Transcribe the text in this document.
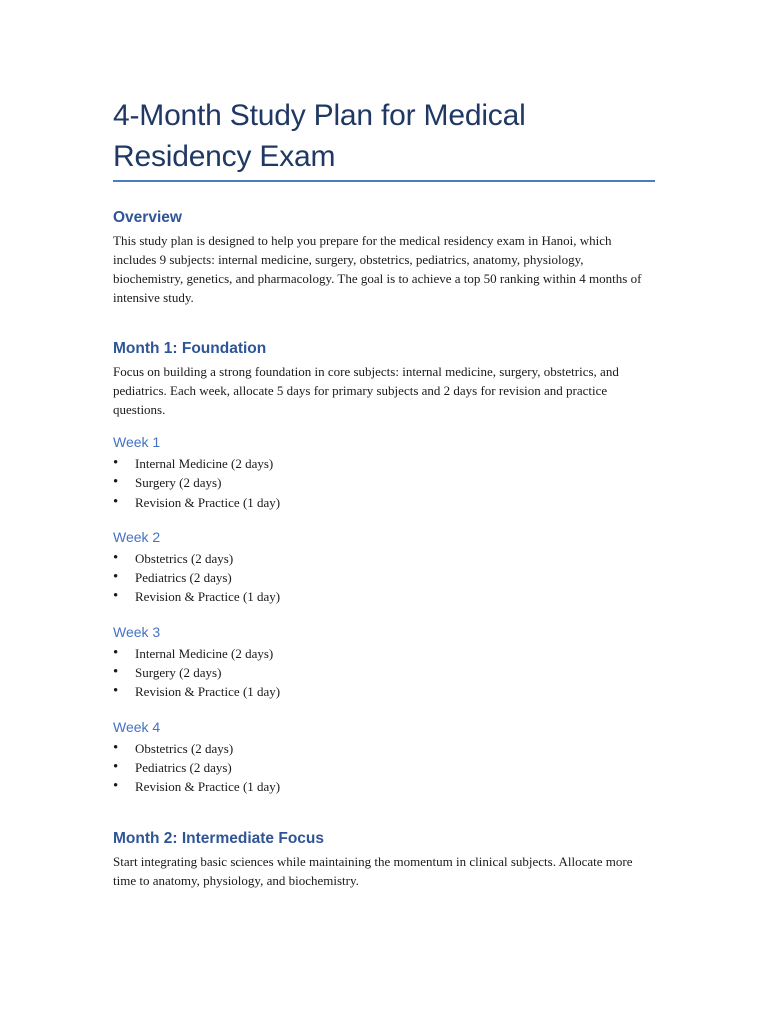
4-Month Study Plan for Medical Residency Exam
Overview

This study plan is designed to help you prepare for the medical residency exam in Hanoi, which includes 9 subjects: internal medicine, surgery, obstetrics, pediatrics, anatomy, physiology, biochemistry, genetics, and pharmacology. The goal is to achieve a top 50 ranking within 4 months of intensive study.

Month 1: Foundation

Focus on building a strong foundation in core subjects: internal medicine, surgery, obstetrics, and pediatrics. Each week, allocate 5 days for primary subjects and 2 days for revision and practice questions.

Week 1
• Internal Medicine (2 days)
• Surgery (2 days)
• Revision & Practice (1 day)
Week 2
• Obstetrics (2 days)
• Pediatrics (2 days)
• Revision & Practice (1 day)
Week 3
• Internal Medicine (2 days)
• Surgery (2 days)
• Revision & Practice (1 day)
Week 4
• Obstetrics (2 days)
• Pediatrics (2 days)
• Revision & Practice (1 day)
Month 2: Intermediate Focus

Start integrating basic sciences while maintaining the momentum in clinical subjects. Allocate more time to anatomy, physiology, and biochemistry.
